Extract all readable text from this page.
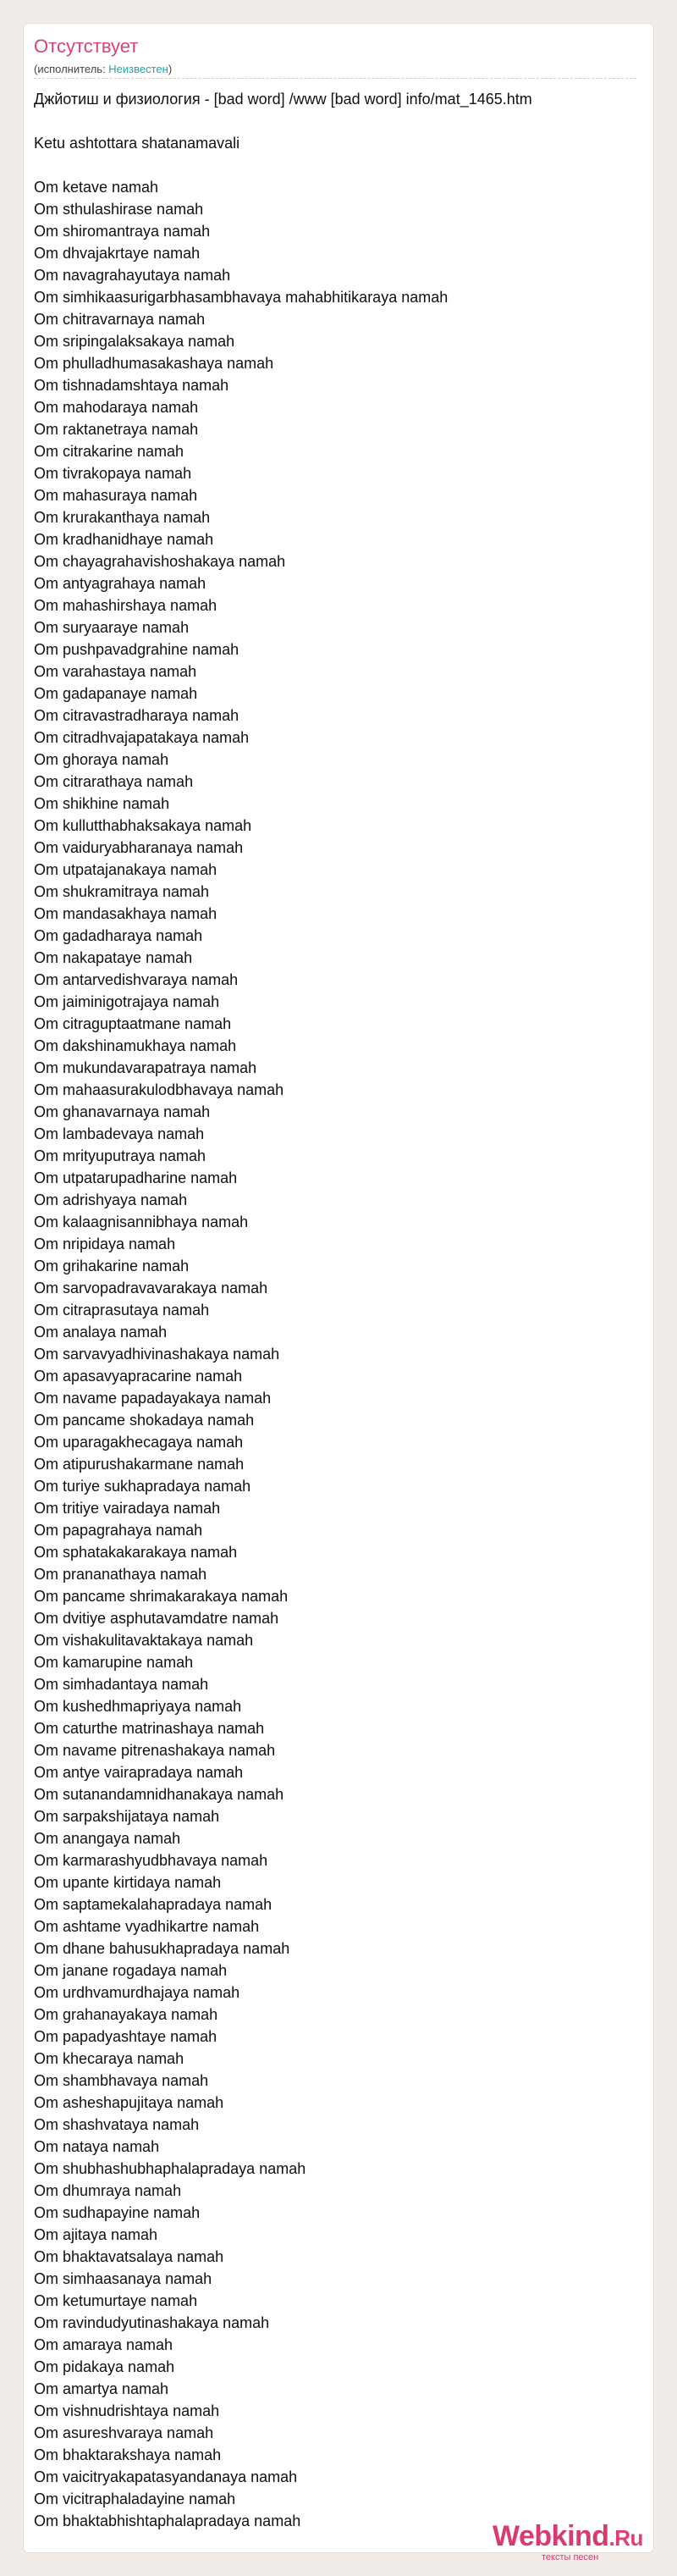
Отсутствует
(исполнитель: Неизвестен)
Джйотиш и физиология - [bad word] /www [bad word] info/mat_1465.htm
Ketu ashtottara shatanamavali
Om ketave namah
Om sthulashirase namah
Om shiromantraya namah
Om dhvajakrtaye namah
Om navagrahayutaya namah
Om simhikaasurigarbhasambhavaya mahabhitikaraya namah
Om chitravarnaya namah
Om sripingalaksakaya namah
Om phulladhumasakashaya namah
Om tishnadamshtaya namah
Om mahodaraya namah
Om raktanetraya namah
Om citrakarine namah
Om tivrakopaya namah
Om mahasuraya namah
Om krurakanthaya namah
Om kradhanidhaye namah
Om chayagrahavishoshakaya namah
Om antyagrahaya namah
Om mahashirshaya namah
Om suryaaraye namah
Om pushpavadgrahine namah
Om varahastaya namah
Om gadapanaye namah
Om citravastradharaya namah
Om citradhvajapatakaya namah
Om ghoraya namah
Om citrarathaya namah
Om shikhine namah
Om kullutthabhaksakaya namah
Om vaiduryabharanaya namah
Om utpatajanakaya namah
Om shukramitraya namah
Om mandasakhaya namah
Om gadadharaya namah
Om nakapataye namah
Om antarvedishvaraya namah
Om jaiminigotrajaya namah
Om citraguptaatmane namah
Om dakshinamukhaya namah
Om mukundavarapatraya namah
Om mahaasurakulodbhavaya namah
Om ghanavarnaya namah
Om lambadevaya namah
Om mrityuputraya namah
Om utpatarupadharine namah
Om adrishyaya namah
Om kalaagnisannibhaya namah
Om nripidaya namah
Om grihakarine namah
Om sarvopadravavarakaya namah
Om citraprasutaya namah
Om analaya namah
Om sarvavyadhivinashakaya namah
Om apasavyapracarine namah
Om navame papadayakaya namah
Om pancame shokadaya namah
Om uparagakhecagaya namah
Om atipurushakarmane namah
Om turiye sukhapradaya namah
Om tritiye vairadaya namah
Om papagrahaya namah
Om sphatakakarakaya namah
Om prananathaya namah
Om pancame shrimakarakaya namah
Om dvitiye asphutavamdatre namah
Om vishakulitavaktakaya namah
Om kamarupine namah
Om simhadantaya namah
Om kushedhmapriyaya namah
Om caturthe matrinashaya namah
Om navame pitrenashakaya namah
Om antye vairapradaya namah
Om sutanandamnidhanakaya namah
Om sarpakshijataya namah
Om anangaya namah
Om karmarashyudbhavaya namah
Om upante kirtidaya namah
Om saptamekalahapradaya namah
Om ashtame vyadhikartre namah
Om dhane bahusukhapradaya namah
Om janane rogadaya namah
Om urdhvamurdhajaya namah
Om grahanayakaya namah
Om papadyashtaye namah
Om khecaraya namah
Om shambhavaya namah
Om asheshapujitaya namah
Om shashvataya namah
Om nataya namah
Om shubhashubhaphalapradaya namah
Om dhumraya namah
Om sudhapayine namah
Om ajitaya namah
Om bhaktavatsalaya namah
Om simhaasanaya namah
Om ketumurtaye namah
Om ravindudyutinashakaya namah
Om amaraya namah
Om pidakaya namah
Om amartya namah
Om vishnudrishtaya namah
Om asureshvaraya namah
Om bhaktarakshaya namah
Om vaicitryakapatasyandanaya namah
Om vicitraphaladayine namah
Om bhaktabhishtaphalapradaya namah	Webkind.Ru
тексты песен
